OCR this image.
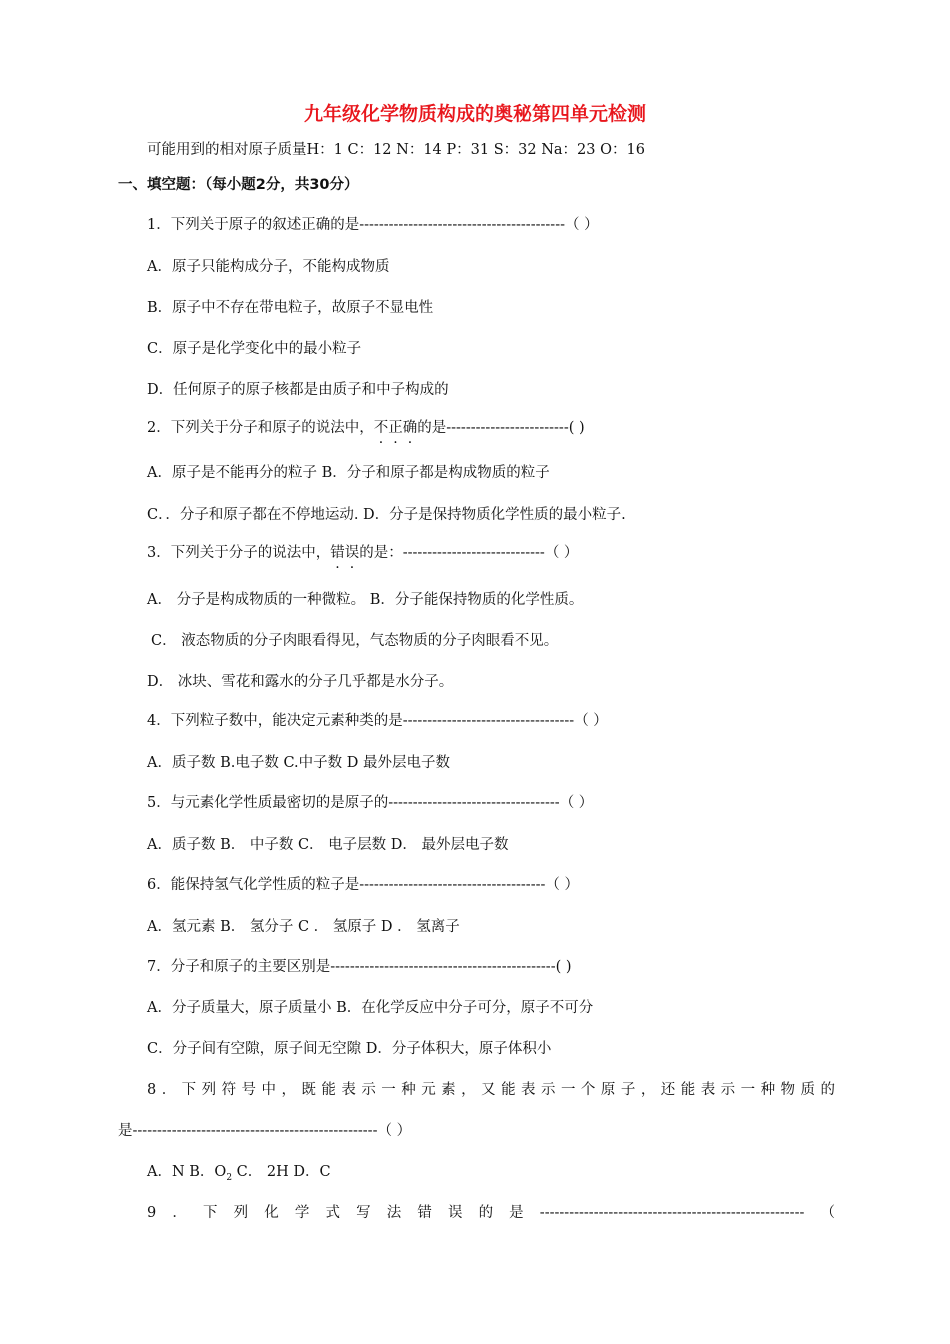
九年级化学物质构成的奥秘第四单元检测
可能用到的相对原子质量H：1 C：12 N：14 P：31 S：32 Na：23 O：16
一、填空题：（每小题2分，共30分）
1．下列关于原子的叙述正确的是------------------------------------------（ ）
A．原子只能构成分子，不能构成物质
B．原子中不存在带电粒子，故原子不显电性
C．原子是化学变化中的最小粒子
D．任何原子的原子核都是由质子和中子构成的
2．下列关于分子和原子的说法中，不正确的是-------------------------( )
A．原子是不能再分的粒子 B．分子和原子都是构成物质的粒子
C．．分子和原子都在不停地运动. D．分子是保持物质化学性质的最小粒子.
3．下列关于分子的说法中，错误的是：-----------------------------（ ）
A． 分子是构成物质的一种微粒。 B．分子能保持物质的化学性质。
C． 液态物质的分子肉眼看得见，气态物质的分子肉眼看不见。
D． 冰块、雪花和露水的分子几乎都是水分子。
4．下列粒子数中，能决定元素种类的是-----------------------------------（ ）
A．质子数 B.电子数 C.中子数 D 最外层电子数
5．与元素化学性质最密切的是原子的-----------------------------------（ ）
A．质子数 B． 中子数 C． 电子层数 D． 最外层电子数
6．能保持氢气化学性质的粒子是--------------------------------------（ ）
A．氢元素 B． 氢分子 C ． 氢原子 D ． 氢离子
7．分子和原子的主要区别是----------------------------------------------( )
A．分子质量大，原子质量小 B．在化学反应中分子可分，原子不可分
C．分子间有空隙，原子间无空隙 D．分子体积大，原子体积小
8．下列符号中，既能表示一种元素，又能表示一个原子，还能表示一种物质的
是--------------------------------------------------（ ）
A．N B．$O_2$ C． 2H D．C
9．下列化学式写法错误的是------------------------------------------------------（
